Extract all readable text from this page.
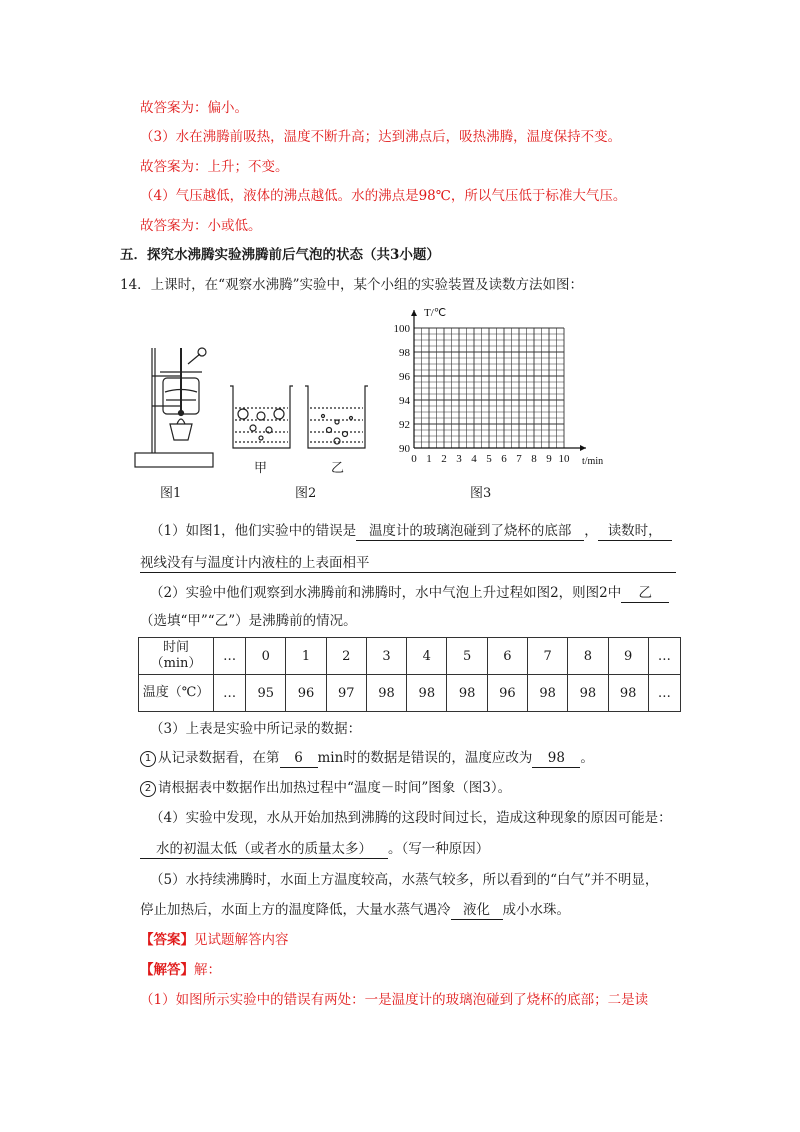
故答案为：偏小。
（3）水在沸腾前吸热，温度不断升高；达到沸点后，吸热沸腾，温度保持不变。
故答案为：上升；不变。
（4）气压越低，液体的沸点越低。水的沸点是98℃，所以气压低于标准大气压。
故答案为：小或低。
五．探究水沸腾实验沸腾前后气泡的状态（共3小题）
14．上课时，在“观察水沸腾”实验中，某个小组的实验装置及读数方法如图：
图1
甲	乙
图2
0 1 2 3 4 5 6 7 8 9 10
90
92
94
96
98
100
t/min
T/℃
图3
（1）如图1，他们实验中的错误是 温度计的玻璃泡碰到了烧杯的底部 ， 读数时，
视线没有与温度计内液柱的上表面相平
（2）实验中他们观察到水沸腾前和沸腾时，水中气泡上升过程如图2，则图2中 乙
（选填“甲”“乙”）是沸腾前的情况。
时间
（min）	…	0	1	2	3	4	5	6	7	8	9	…
温度（℃）	…	95	96	97	98	98	98	96	98	98	98	…
（3）上表是实验中所记录的数据：
1 从记录数据看，在第 6 min时的数据是错误的，温度应改为 98 。
2 请根据表中数据作出加热过程中“温度－时间”图象（图3）。
（4）实验中发现，水从开始加热到沸腾的这段时间过长，造成这种现象的原因可能是：
水的初温太低（或者水的质量太多） 。（写一种原因）
（5）水持续沸腾时，水面上方温度较高，水蒸气较多，所以看到的“白气”并不明显，
停止加热后，水面上方的温度降低，大量水蒸气遇冷 液化 成小水珠。
【答案】见试题解答内容
【解答】解：
（1）如图所示实验中的错误有两处：一是温度计的玻璃泡碰到了烧杯的底部；二是读
